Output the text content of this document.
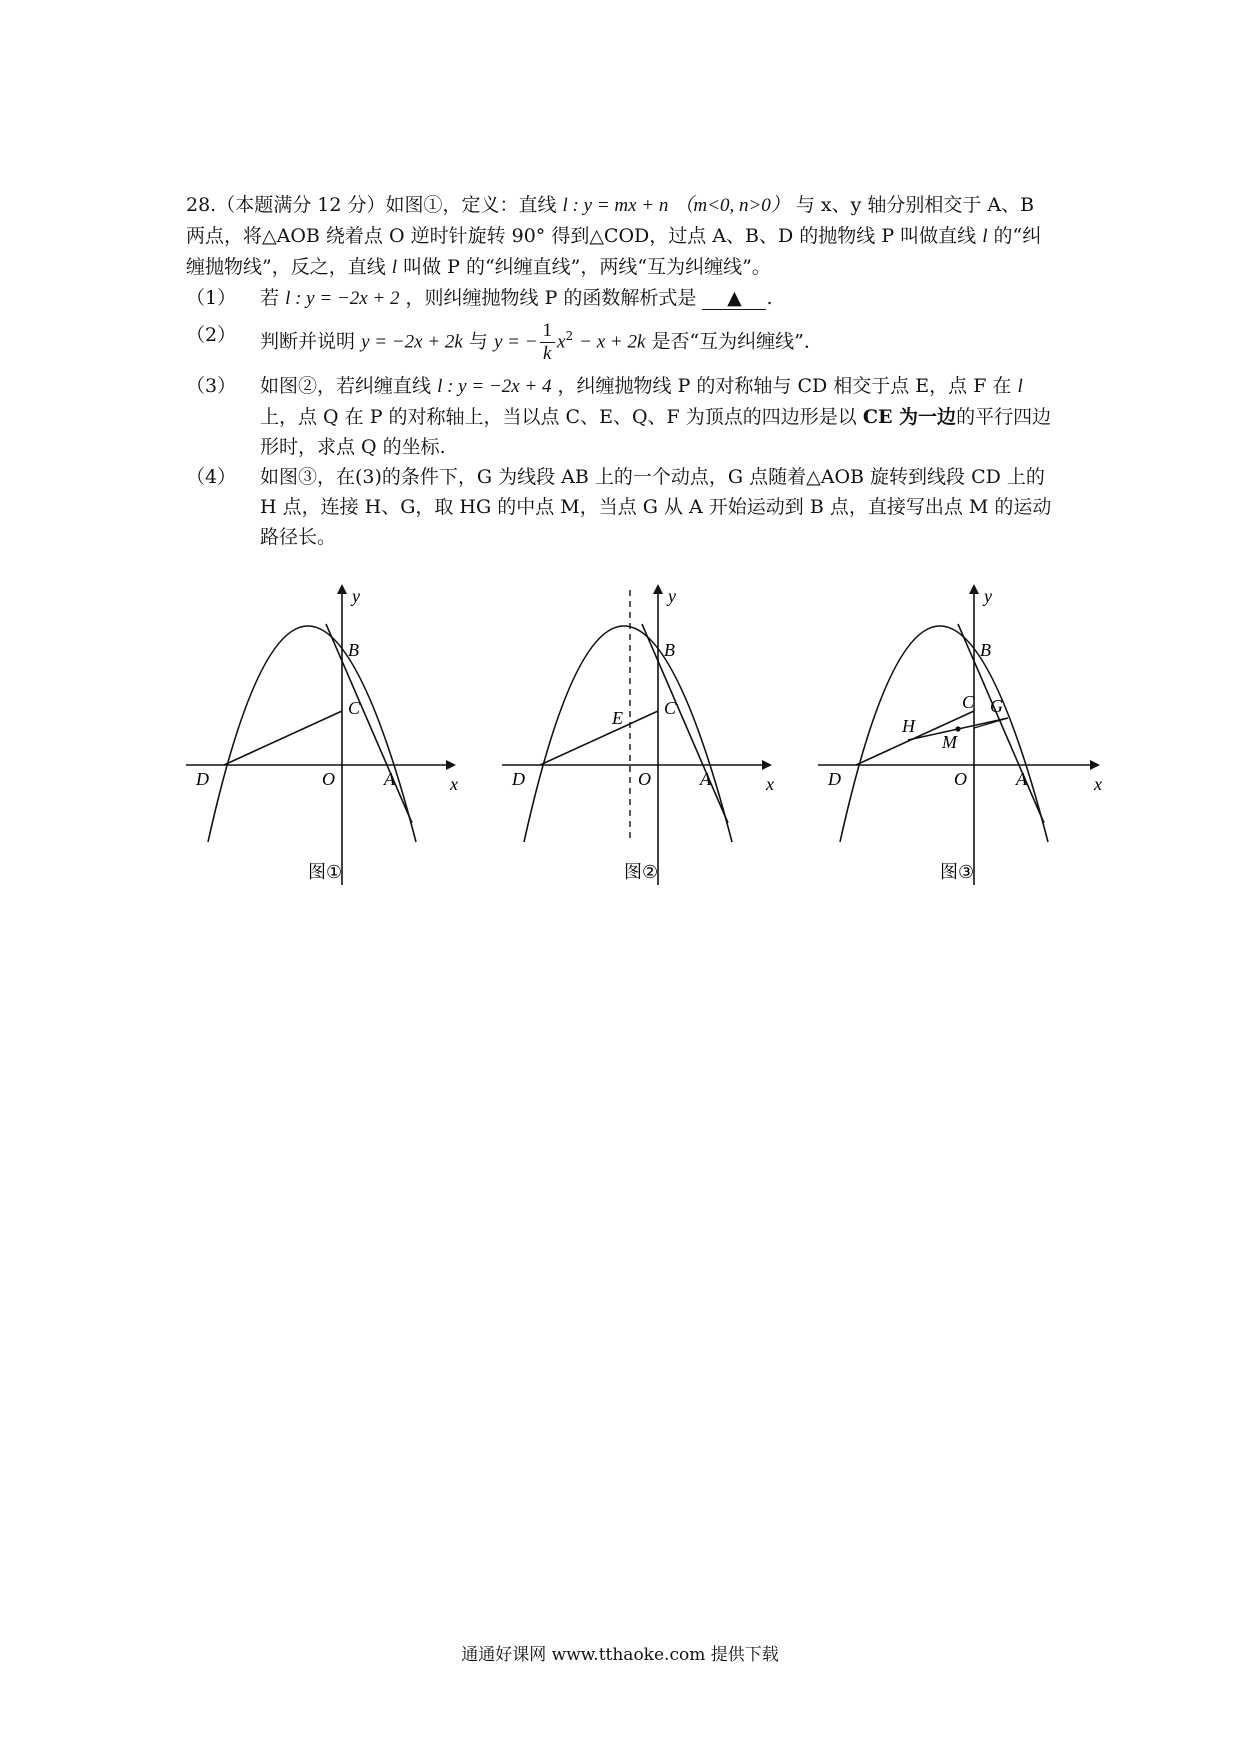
28.（本题满分 12 分）如图①，定义：直线 l : y = mx + n （m<0, n>0） 与 x、y 轴分别相交于 A、B 两点，将△AOB 绕着点 O 逆时针旋转 90° 得到△COD，过点 A、B、D 的抛物线 P 叫做直线 l 的“纠缠抛物线”，反之，直线 l 叫做 P 的“纠缠直线”，两线“互为纠缠线”。

（1） 若 l : y = −2x + 2 ，则纠缠抛物线 P 的函数解析式是 ▲ .

（2） 判断并说明 y = −2x + 2k 与 y = − $\frac{1}{k} x^2 - x + 2k$ 是否“互为纠缠线”．

（3） 如图②，若纠缠直线 l : y = −2x + 4 ，纠缠抛物线 P 的对称轴与 CD 相交于点 E，点 F 在 l 上，点 Q 在 P 的对称轴上，当以点 C、E、Q、F 为顶点的四边形是以 CE 为一边的平行四边形时，求点 Q 的坐标.

（4） 如图③，在(3)的条件下，G 为线段 AB 上的一个动点，G 点随着△AOB 旋转到线段 CD 上的 H 点，连接 H、G，取 HG 的中点 M，当点 G 从 A 开始运动到 B 点，直接写出点 M 的运动路径长。

x
y
B
C
D	O	A
图①
x
y
B
C
E
D	O	A
图②
x
y
B
C G
H
M
D	O	A
图③
通通好课网 www.tthaoke.com 提供下载
